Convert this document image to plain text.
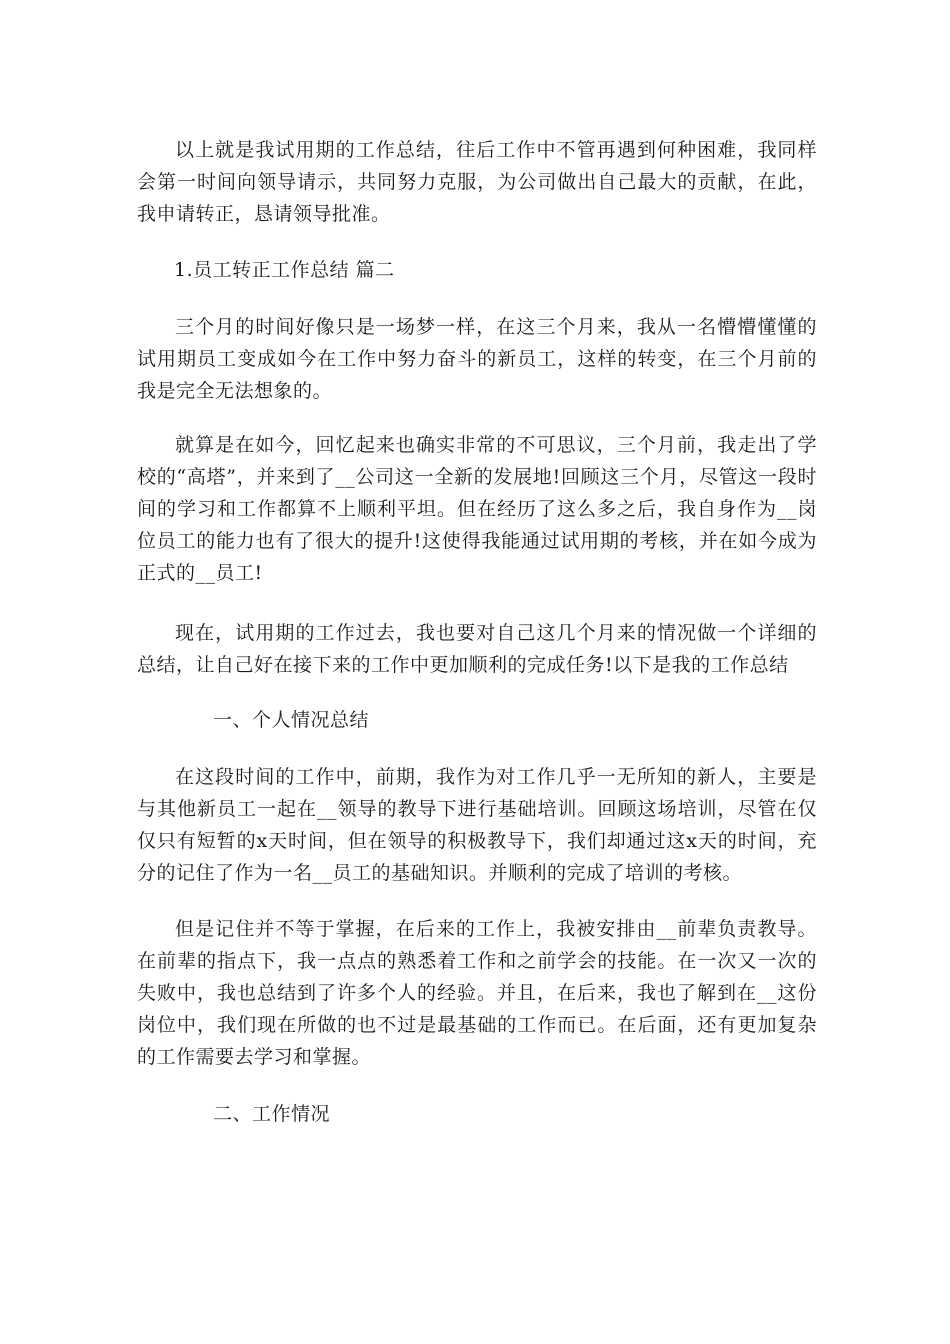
以上就是我试用期的工作总结，往后工作中不管再遇到何种困难，我同样会第一时间向领导请示，共同努力克服，为公司做出自己最大的贡献，在此，我申请转正，恳请领导批准。

1.员工转正工作总结 篇二

三个月的时间好像只是一场梦一样，在这三个月来，我从一名懵懵懂懂的试用期员工变成如今在工作中努力奋斗的新员工，这样的转变，在三个月前的我是完全无法想象的。

就算是在如今，回忆起来也确实非常的不可思议，三个月前，我走出了学校的“高塔”，并来到了__公司这一全新的发展地!回顾这三个月，尽管这一段时间的学习和工作都算不上顺利平坦。但在经历了这么多之后，我自身作为__岗位员工的能力也有了很大的提升!这使得我能通过试用期的考核，并在如今成为正式的__员工!

现在，试用期的工作过去，我也要对自己这几个月来的情况做一个详细的总结，让自己好在接下来的工作中更加顺利的完成任务!以下是我的工作总结

一、个人情况总结

在这段时间的工作中，前期，我作为对工作几乎一无所知的新人，主要是与其他新员工一起在__领导的教导下进行基础培训。回顾这场培训，尽管在仅仅只有短暂的x天时间，但在领导的积极教导下，我们却通过这x天的时间，充分的记住了作为一名__员工的基础知识。并顺利的完成了培训的考核。

但是记住并不等于掌握，在后来的工作上，我被安排由__前辈负责教导。在前辈的指点下，我一点点的熟悉着工作和之前学会的技能。在一次又一次的失败中，我也总结到了许多个人的经验。并且，在后来，我也了解到在__这份岗位中，我们现在所做的也不过是最基础的工作而已。在后面，还有更加复杂的工作需要去学习和掌握。

二、工作情况
